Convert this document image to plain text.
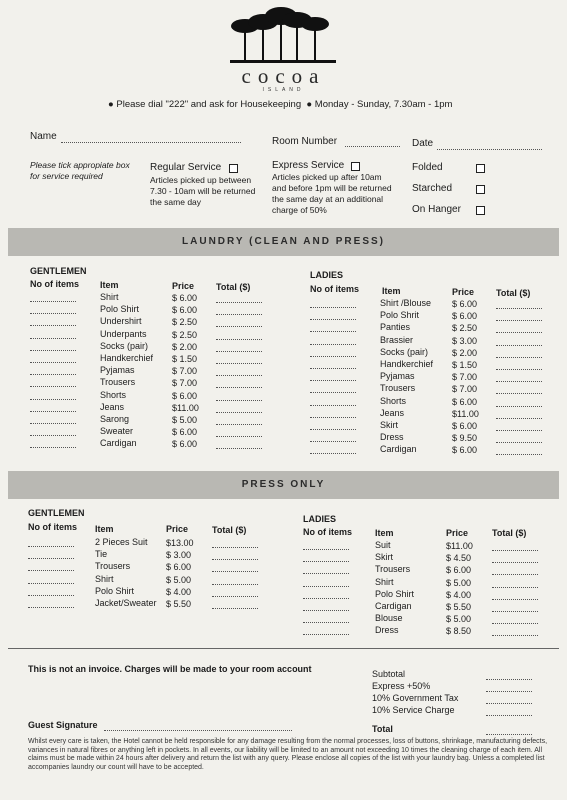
cocoa
ISLAND
● Please dial "222" and ask for Housekeeping ● Monday - Sunday, 7.30am - 1pm
Name	Room Number	Date
Please tick appropiate box for service required
Regular Service
Articles picked up between 7.30 - 10am will be returned the same day
Express Service
Articles picked up after 10am and before 1pm will be returned the same day at an additional charge of 50%
Folded
Starched
On Hanger
LAUNDRY (CLEAN AND PRESS)
GENTLEMEN
No of items Item	Price Total ($)
Shirt	$ 6.00
Polo Shirt	$ 6.00
Undershirt	$ 2.50
Underpants	$ 2.50
Socks (pair)	$ 2.00
Handkerchief $ 1.50
Pyjamas	$ 7.00
Trousers	$ 7.00
Shorts	$ 6.00
Jeans	$11.00
Sarong	$ 5.00
Sweater	$ 6.00
Cardigan	$ 6.00
LADIES
No of items	Item	Price Total ($)
Shirt /Blouse $ 6.00
Polo Shrit	$ 6.00
Panties	$ 2.50
Brassier	$ 3.00
Socks (pair)	$ 2.00
Handkerchief $ 1.50
Pyjamas	$ 7.00
Trousers	$ 7.00
Shorts	$ 6.00
Jeans	$11.00
Skirt	$ 6.00
Dress	$ 9.50
Cardigan	$ 6.00
PRESS ONLY
GENTLEMEN
No of items Item	Price	Total ($)
2 Pieces Suit $13.00
Tie	$ 3.00
Trousers	$ 6.00
Shirt	$ 5.00
Polo Shirt	$ 4.00
Jacket/Sweater $ 5.50
LADIES
No of items	Item	Price	Total ($)
Suit	$11.00
Skirt	$ 4.50
Trousers	$ 6.00
Shirt	$ 5.00
Polo Shirt	$ 4.00
Cardigan	$ 5.50
Blouse	$ 5.00
Dress	$ 8.50
This is not an invoice. Charges will be made to your room account	Subtotal
Express +50%
10% Government Tax
10% Service Charge
Total
Guest Signature
Whilst every care is taken, the Hotel cannot be held responsible for any damage resulting from the normal processes, loss of buttons, shrinkage, manufacturing defects, variances in natural fibres or anything left in pockets. In all events, our liability will be limited to an amount not exceeding 10 times the cleaning charge of each item. All claims must be made within 24 hours after delivery and return the list with any query. Please enclose all copies of the list with your laundry bag. Unless a completed list accompanies laundry our count will have to be accepted.
